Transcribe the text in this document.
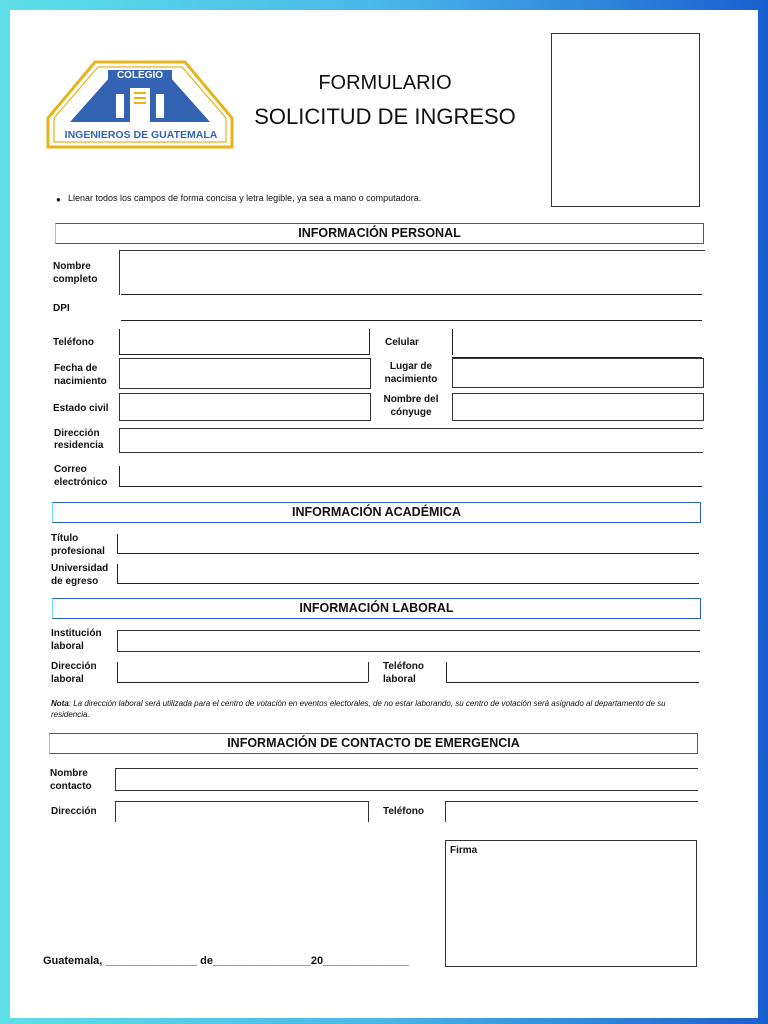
COLEGIO
INGENIEROS DE GUATEMALA
FORMULARIO
SOLICITUD DE INGRESO
● Llenar todos los campos de forma concisa y letra legible, ya sea a mano o computadora.
INFORMACIÓN PERSONAL
Nombre
completo
DPI
Teléfono	Celular
Fecha de
nacimiento
Lugar de
nacimiento
Estado civil
Nombre del
cónyuge
Dirección
residencia
Correo
electrónico
INFORMACIÓN ACADÉMICA
Título
profesional
Universidad
de egreso
INFORMACIÓN LABORAL
Institución
laboral
Dirección
laboral
Teléfono
laboral
Nota: La dirección laboral será utilizada para el centro de votación en eventos electorales, de no estar laborando, su centro de votación será asignado al departamento de su residencia.
INFORMACIÓN DE CONTACTO DE EMERGENCIA
Nombre
contacto
Dirección	Teléfono
Firma
Guatemala, _______________ de________________20______________
